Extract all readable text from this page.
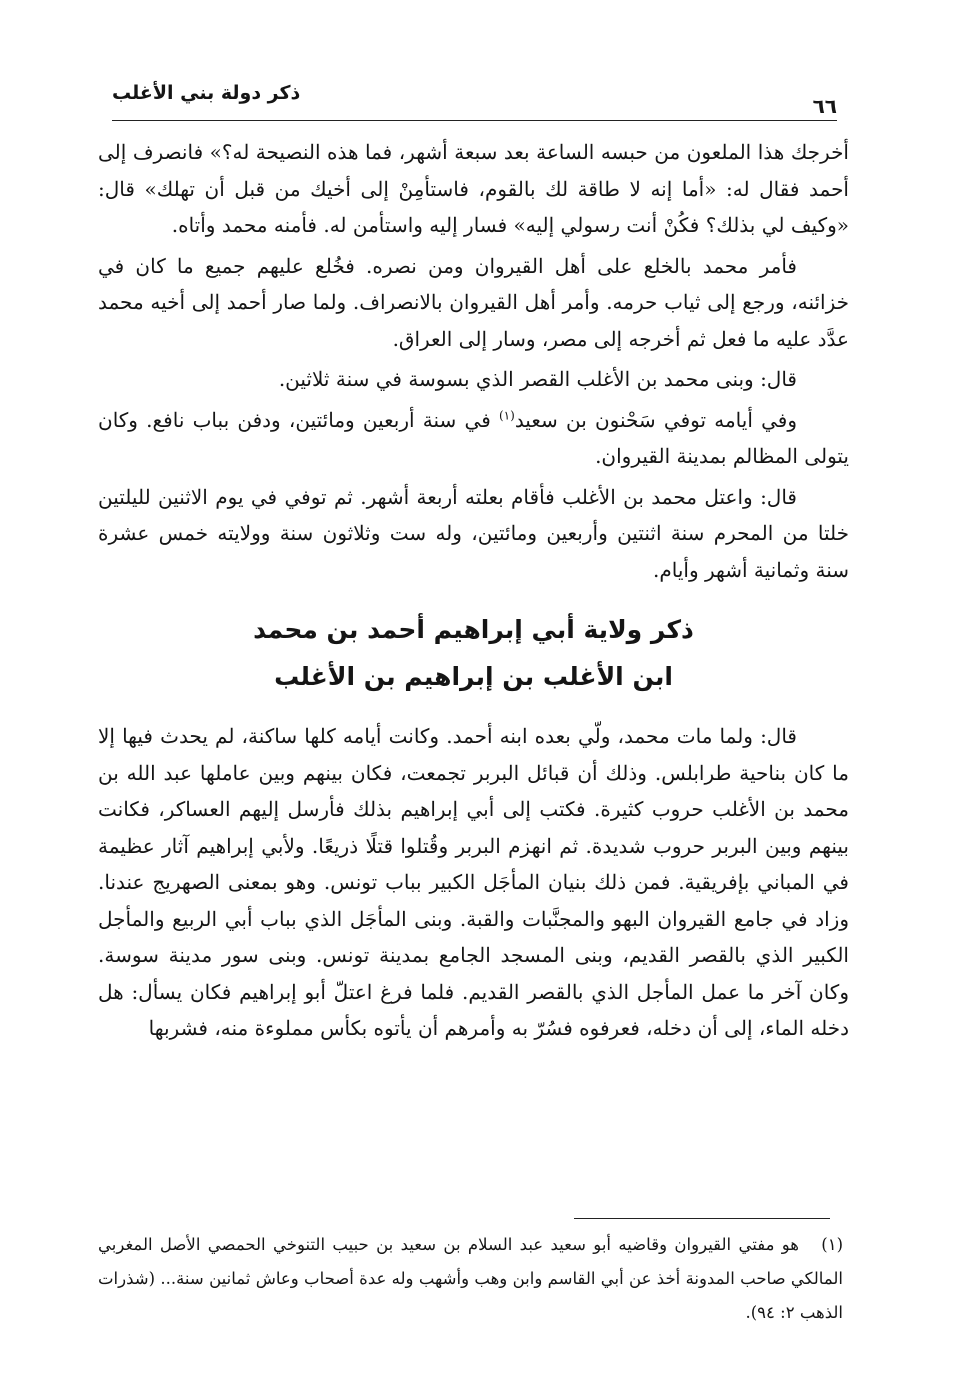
ذكر دولة بني الأغلب
٦٦

أخرجك هذا الملعون من حبسه الساعة بعد سبعة أشهر، فما هذه النصيحة له؟» فانصرف إلى أحمد فقال له: «أما إنه لا طاقة لك بالقوم، فاستأمِنْ إلى أخيك من قبل أن تهلك» قال: «وكيف لي بذلك؟ فكُنْ أنت رسولي إليه» فسار إليه واستأمن له. فأمنه محمد وأتاه.

فأمر محمد بالخلع على أهل القيروان ومن نصره. فخُلع عليهم جميع ما كان في خزائنه، ورجع إلى ثياب حرمه. وأمر أهل القيروان بالانصراف. ولما صار أحمد إلى أخيه محمد عدَّد عليه ما فعل ثم أخرجه إلى مصر، وسار إلى العراق.

قال: وبنى محمد بن الأغلب القصر الذي بسوسة في سنة ثلاثين.

وفي أيامه توفي سَحْنون بن سعيد$^{(١)}$ في سنة أربعين ومائتين، ودفن بباب نافع. وكان يتولى المظالم بمدينة القيروان.

قال: واعتل محمد بن الأغلب فأقام بعلته أربعة أشهر. ثم توفي في يوم الاثنين لليلتين خلتا من المحرم سنة اثنتين وأربعين ومائتين، وله ست وثلاثون سنة وولايته خمس عشرة سنة وثمانية أشهر وأيام.

ذكر ولاية أبي إبراهيم أحمد بن محمد
ابن الأغلب بن إبراهيم بن الأغلب

قال: ولما مات محمد، ولّي بعده ابنه أحمد. وكانت أيامه كلها ساكنة، لم يحدث فيها إلا ما كان بناحية طرابلس. وذلك أن قبائل البربر تجمعت، فكان بينهم وبين عاملها عبد الله بن محمد بن الأغلب حروب كثيرة. فكتب إلى أبي إبراهيم بذلك فأرسل إليهم العساكر، فكانت بينهم وبين البربر حروب شديدة. ثم انهزم البربر وقُتلوا قتلًا ذريعًا. ولأبي إبراهيم آثار عظيمة في المباني بإفريقية. فمن ذلك بنيان المأجَل الكبير بباب تونس. وهو بمعنى الصهريج عندنا. وزاد في جامع القيروان البهو والمجنَّبات والقبة. وبنى المأجَل الذي بباب أبي الربيع والمأجل الكبير الذي بالقصر القديم، وبنى المسجد الجامع بمدينة تونس. وبنى سور مدينة سوسة. وكان آخر ما عمل المأجل الذي بالقصر القديم. فلما فرغ اعتلّ أبو إبراهيم فكان يسأل: هل دخله الماء، إلى أن دخله، فعرفوه فسُرّ به وأمرهم أن يأتوه بكأس مملوءة منه، فشربها

(١)هو مفتي القيروان وقاضيه أبو سعيد عبد السلام بن سعيد بن حبيب التنوخي الحمصي الأصل المغربي المالكي صاحب المدونة أخذ عن أبي القاسم وابن وهب وأشهب وله عدة أصحاب وعاش ثمانين سنة... (شذرات الذهب ٢: ٩٤).
